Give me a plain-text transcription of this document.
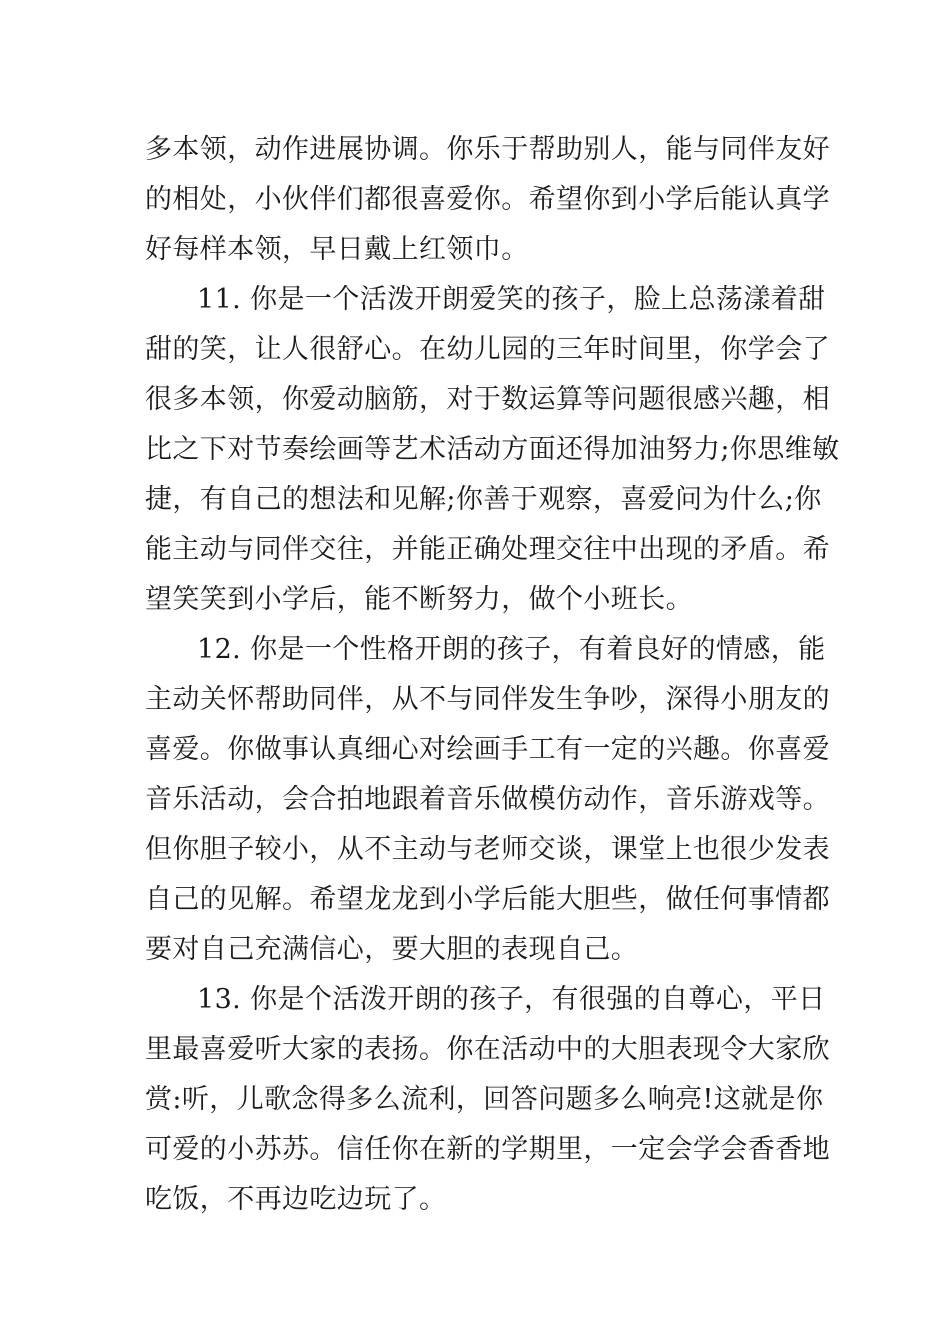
多本领，动作进展协调。你乐于帮助别人，能与同伴友好
的相处，小伙伴们都很喜爱你。希望你到小学后能认真学
好每样本领，早日戴上红领巾。
11. 你是一个活泼开朗爱笑的孩子，脸上总荡漾着甜
甜的笑，让人很舒心。在幼儿园的三年时间里，你学会了
很多本领，你爱动脑筋，对于数运算等问题很感兴趣，相
比之下对节奏绘画等艺术活动方面还得加油努力;你思维敏
捷，有自己的想法和见解;你善于观察，喜爱问为什么;你
能主动与同伴交往，并能正确处理交往中出现的矛盾。希
望笑笑到小学后，能不断努力，做个小班长。
12. 你是一个性格开朗的孩子，有着良好的情感，能
主动关怀帮助同伴，从不与同伴发生争吵，深得小朋友的
喜爱。你做事认真细心对绘画手工有一定的兴趣。你喜爱
音乐活动，会合拍地跟着音乐做模仿动作，音乐游戏等。
但你胆子较小，从不主动与老师交谈，课堂上也很少发表
自己的见解。希望龙龙到小学后能大胆些，做任何事情都
要对自己充满信心，要大胆的表现自己。
13. 你是个活泼开朗的孩子，有很强的自尊心，平日
里最喜爱听大家的表扬。你在活动中的大胆表现令大家欣
赏:听，儿歌念得多么流利，回答问题多么响亮!这就是你
可爱的小苏苏。信任你在新的学期里，一定会学会香香地
吃饭，不再边吃边玩了。
